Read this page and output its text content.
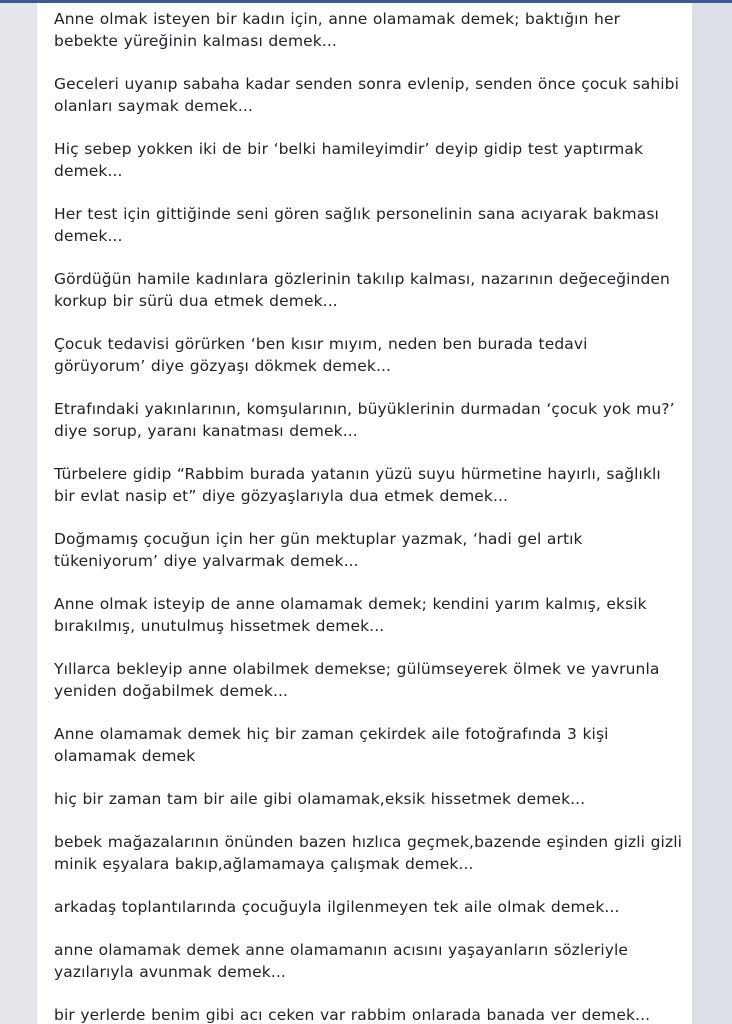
Anne olmak isteyen bir kadın için, anne olamamak demek; baktığın her bebekte yüreğinin kalması demek...

Geceleri uyanıp sabaha kadar senden sonra evlenip, senden önce çocuk sahibi olanları saymak demek...

Hiç sebep yokken iki de bir ‘belki hamileyimdir’ deyip gidip test yaptırmak demek...

Her test için gittiğinde seni gören sağlık personelinin sana acıyarak bakması demek...

Gördüğün hamile kadınlara gözlerinin takılıp kalması, nazarının değeceğinden korkup bir sürü dua etmek demek...

Çocuk tedavisi görürken ‘ben kısır mıyım, neden ben burada tedavi görüyorum’ diye gözyaşı dökmek demek...

Etrafındaki yakınlarının, komşularının, büyüklerinin durmadan ‘çocuk yok mu?’ diye sorup, yaranı kanatması demek...

Türbelere gidip “Rabbim burada yatanın yüzü suyu hürmetine hayırlı, sağlıklı bir evlat nasip et” diye gözyaşlarıyla dua etmek demek...

Doğmamış çocuğun için her gün mektuplar yazmak, ‘hadi gel artık tükeniyorum’ diye yalvarmak demek...

Anne olmak isteyip de anne olamamak demek; kendini yarım kalmış, eksik bırakılmış, unutulmuş hissetmek demek...

Yıllarca bekleyip anne olabilmek demekse; gülümseyerek ölmek ve yavrunla yeniden doğabilmek demek...

Anne olamamak demek hiç bir zaman çekirdek aile fotoğrafında 3 kişi olamamak demek

hiç bir zaman tam bir aile gibi olamamak,eksik hissetmek demek...

bebek mağazalarının önünden bazen hızlıca geçmek,bazende eşinden gizli gizli minik eşyalara bakıp,ağlamamaya çalışmak demek...

arkadaş toplantılarında çocuğuyla ilgilenmeyen tek aile olmak demek...

anne olamamak demek anne olamamanın acısını yaşayanların sözleriyle yazılarıyla avunmak demek...

bir yerlerde benim gibi acı ceken var rabbim onlarada banada ver demek...
